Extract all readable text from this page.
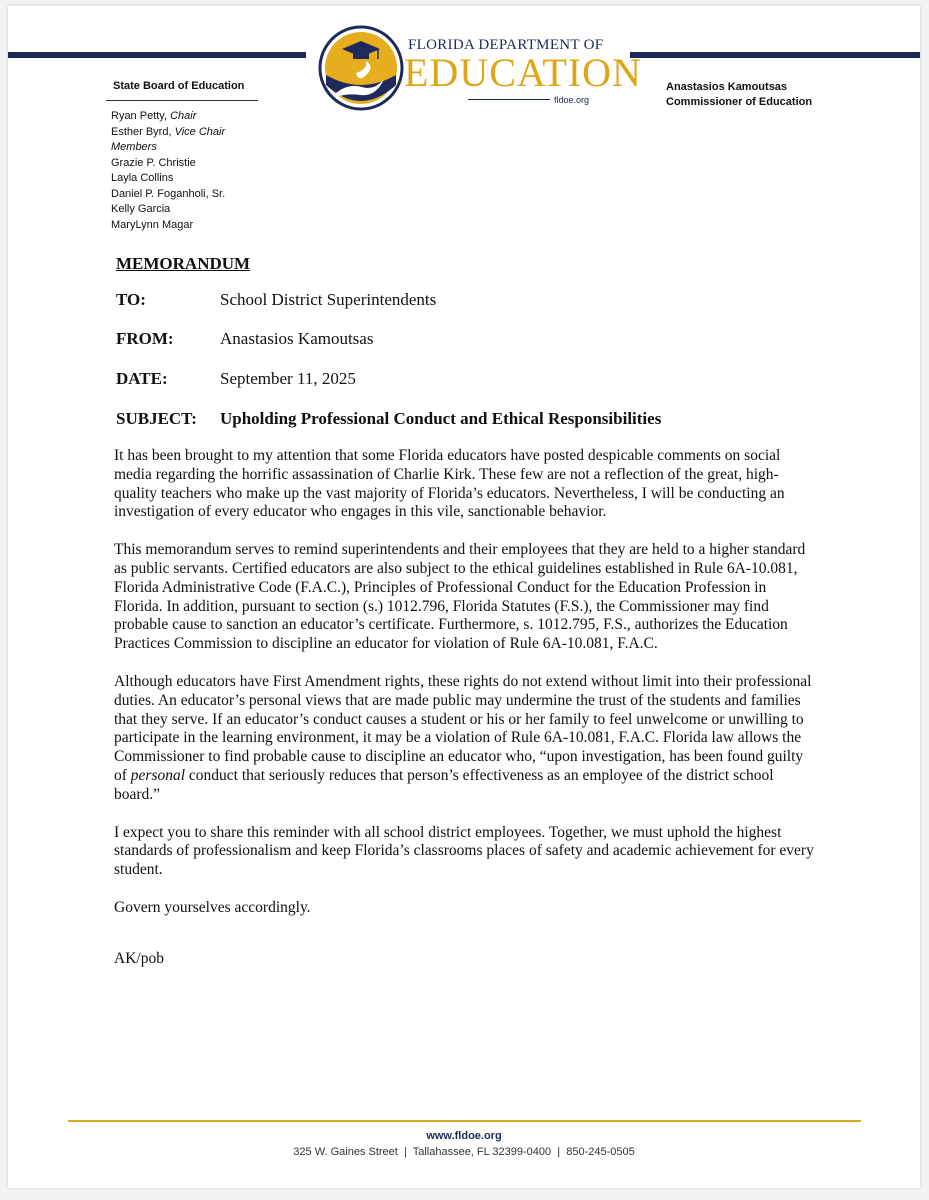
FLORIDA DEPARTMENT OF
EDUCATION
fldoe.org
State Board of Education
Ryan Petty, Chair
Esther Byrd, Vice Chair
Members
Grazie P. Christie
Layla Collins
Daniel P. Foganholi, Sr.
Kelly Garcia
MaryLynn Magar
Anastasios Kamoutsas
Commissioner of Education
MEMORANDUM
TO:	School District Superintendents
FROM:	Anastasios Kamoutsas
DATE:	September 11, 2025
SUBJECT: Upholding Professional Conduct and Ethical Responsibilities

It has been brought to my attention that some Florida educators have posted despicable comments on social media regarding the horrific assassination of Charlie Kirk. These few are not a reflection of the great, high-quality teachers who make up the vast majority of Florida’s educators. Nevertheless, I will be conducting an investigation of every educator who engages in this vile, sanctionable behavior.

This memorandum serves to remind superintendents and their employees that they are held to a higher standard as public servants. Certified educators are also subject to the ethical guidelines established in Rule 6A-10.081, Florida Administrative Code (F.A.C.), Principles of Professional Conduct for the Education Profession in Florida. In addition, pursuant to section (s.) 1012.796, Florida Statutes (F.S.), the Commissioner may find probable cause to sanction an educator’s certificate. Furthermore, s. 1012.795, F.S., authorizes the Education Practices Commission to discipline an educator for violation of Rule 6A-10.081, F.A.C.

Although educators have First Amendment rights, these rights do not extend without limit into their professional duties. An educator’s personal views that are made public may undermine the trust of the students and families that they serve. If an educator’s conduct causes a student or his or her family to feel unwelcome or unwilling to participate in the learning environment, it may be a violation of Rule 6A-10.081, F.A.C. Florida law allows the Commissioner to find probable cause to discipline an educator who, “upon investigation, has been found guilty of personal conduct that seriously reduces that person’s effectiveness as an employee of the district school board.”

I expect you to share this reminder with all school district employees. Together, we must uphold the highest standards of professionalism and keep Florida’s classrooms places of safety and academic achievement for every student.

Govern yourselves accordingly.

AK/pob

www.fldoe.org
325 W. Gaines Street  |  Tallahassee, FL 32399-0400  |  850-245-0505
